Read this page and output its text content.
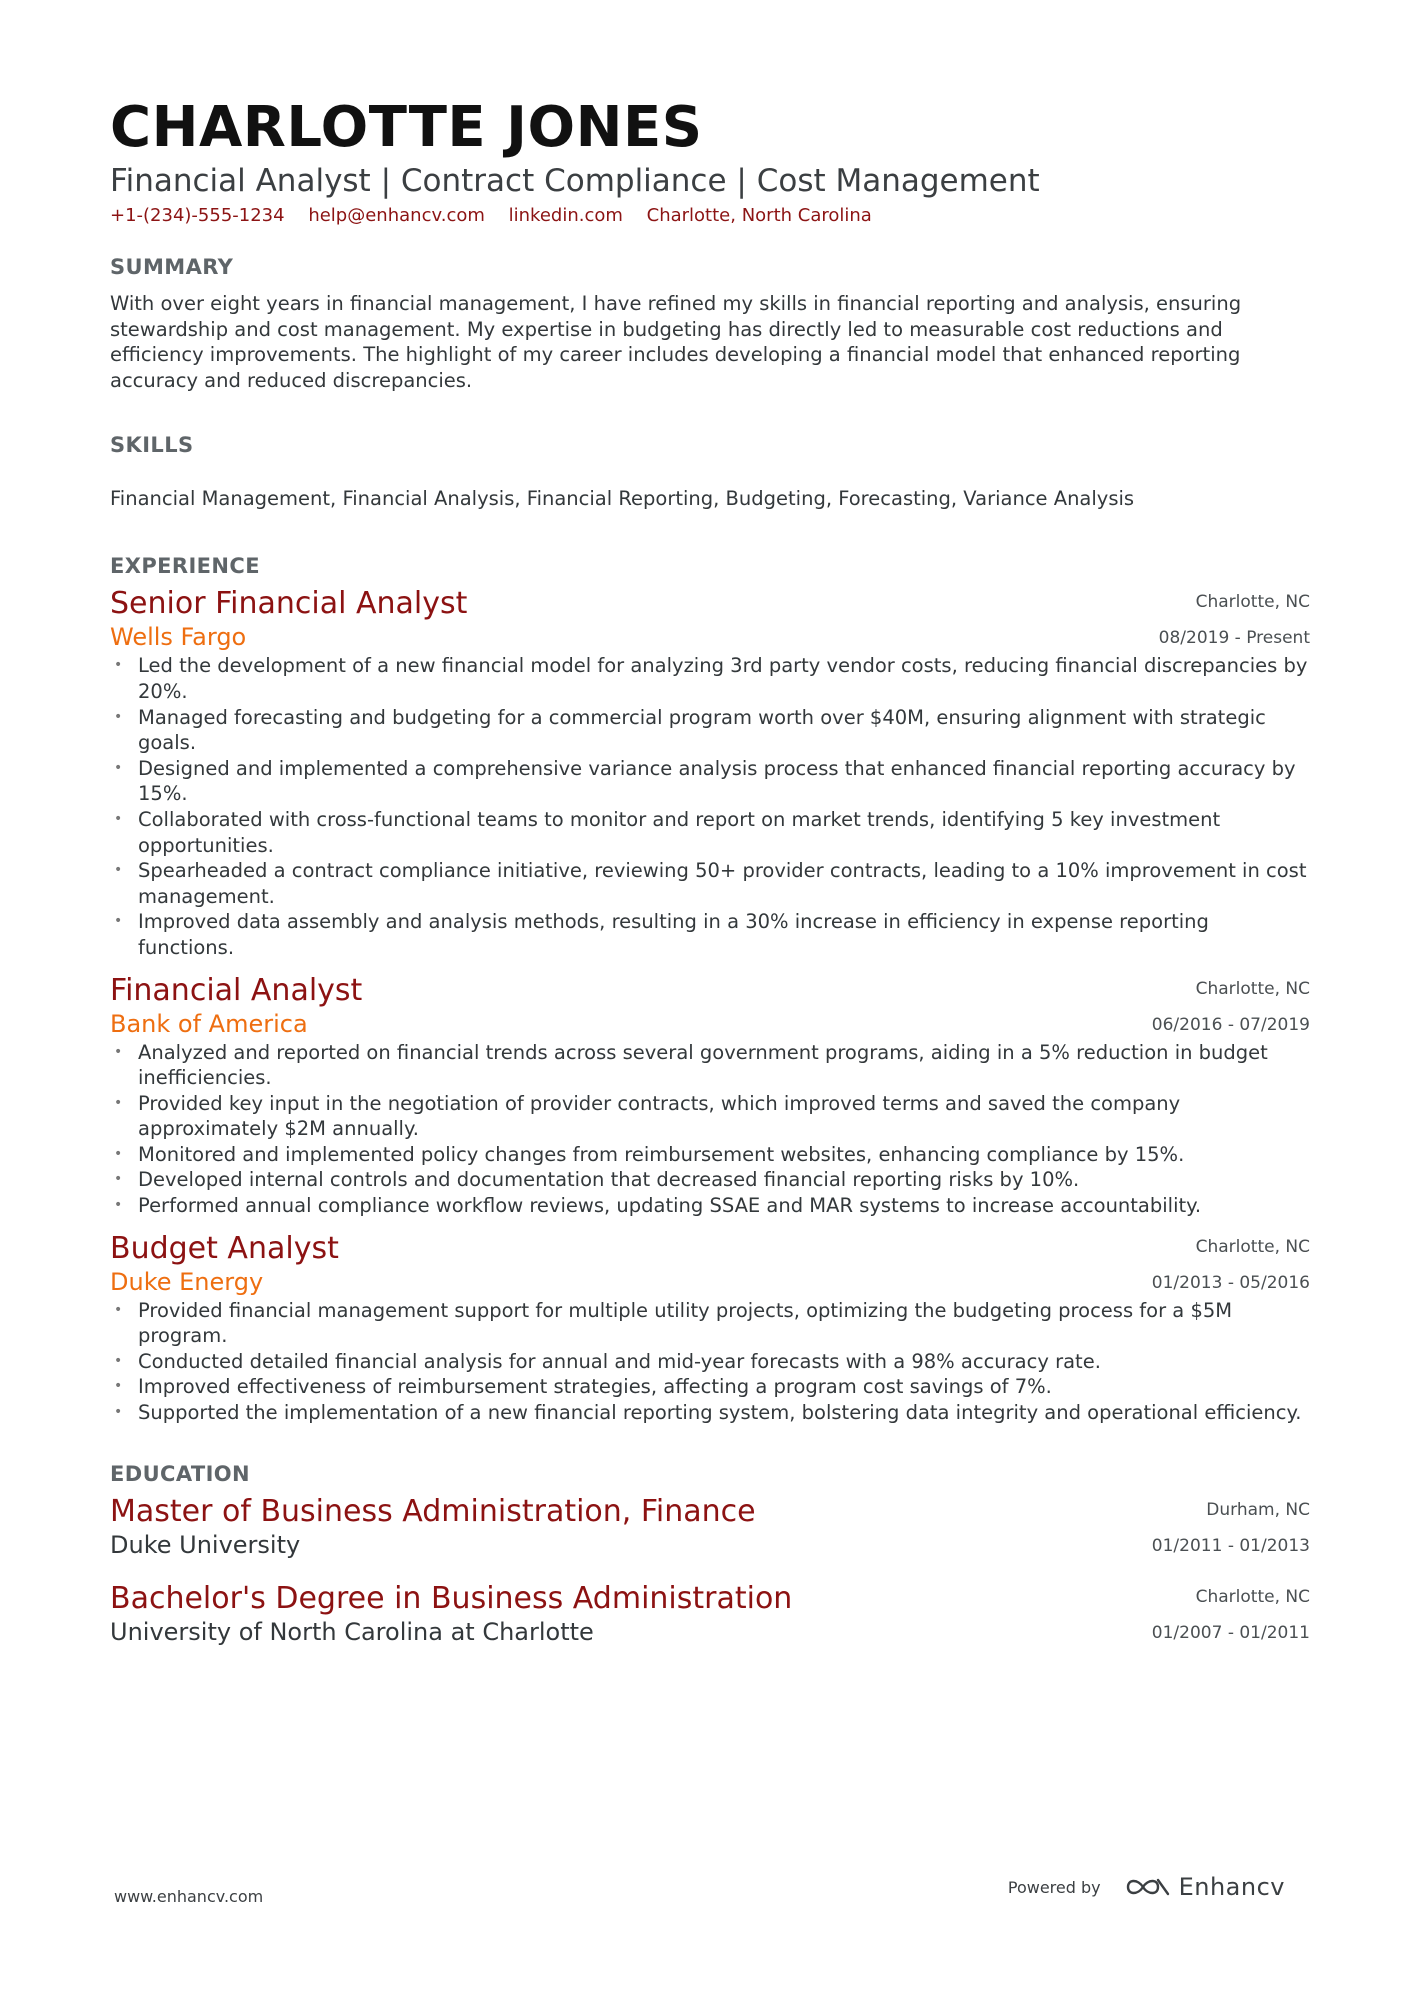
CHARLOTTE JONES
Financial Analyst | Contract Compliance | Cost Management
+1-(234)-555-1234 help@enhancv.com linkedin.com Charlotte, North Carolina
SUMMARY
With over eight years in financial management, I have refined my skills in financial reporting and analysis, ensuring stewardship and cost management. My expertise in budgeting has directly led to measurable cost reductions and efficiency improvements. The highlight of my career includes developing a financial model that enhanced reporting accuracy and reduced discrepancies.
SKILLS
Financial Management, Financial Analysis, Financial Reporting, Budgeting, Forecasting, Variance Analysis
EXPERIENCE
Senior Financial Analyst
Wells Fargo
Charlotte, NC
08/2019 - Present
• Led the development of a new financial model for analyzing 3rd party vendor costs, reducing financial discrepancies by 20%.
• Managed forecasting and budgeting for a commercial program worth over $40M, ensuring alignment with strategic goals.
• Designed and implemented a comprehensive variance analysis process that enhanced financial reporting accuracy by 15%.
• Collaborated with cross-functional teams to monitor and report on market trends, identifying 5 key investment opportunities.
• Spearheaded a contract compliance initiative, reviewing 50+ provider contracts, leading to a 10% improvement in cost management.
• Improved data assembly and analysis methods, resulting in a 30% increase in efficiency in expense reporting functions.
Financial Analyst
Bank of America
Charlotte, NC
06/2016 - 07/2019
• Analyzed and reported on financial trends across several government programs, aiding in a 5% reduction in budget inefficiencies.
• Provided key input in the negotiation of provider contracts, which improved terms and saved the company approximately $2M annually.
• Monitored and implemented policy changes from reimbursement websites, enhancing compliance by 15%.
• Developed internal controls and documentation that decreased financial reporting risks by 10%.
• Performed annual compliance workflow reviews, updating SSAE and MAR systems to increase accountability.
Budget Analyst
Duke Energy
Charlotte, NC
01/2013 - 05/2016
• Provided financial management support for multiple utility projects, optimizing the budgeting process for a $5M program.
• Conducted detailed financial analysis for annual and mid-year forecasts with a 98% accuracy rate.
• Improved effectiveness of reimbursement strategies, affecting a program cost savings of 7%.
• Supported the implementation of a new financial reporting system, bolstering data integrity and operational efficiency.
EDUCATION
Master of Business Administration, Finance
Duke University
Durham, NC
01/2011 - 01/2013
Bachelor's Degree in Business Administration
University of North Carolina at Charlotte
Charlotte, NC
01/2007 - 01/2011
www.enhancv.com	Powered by	Enhancv
